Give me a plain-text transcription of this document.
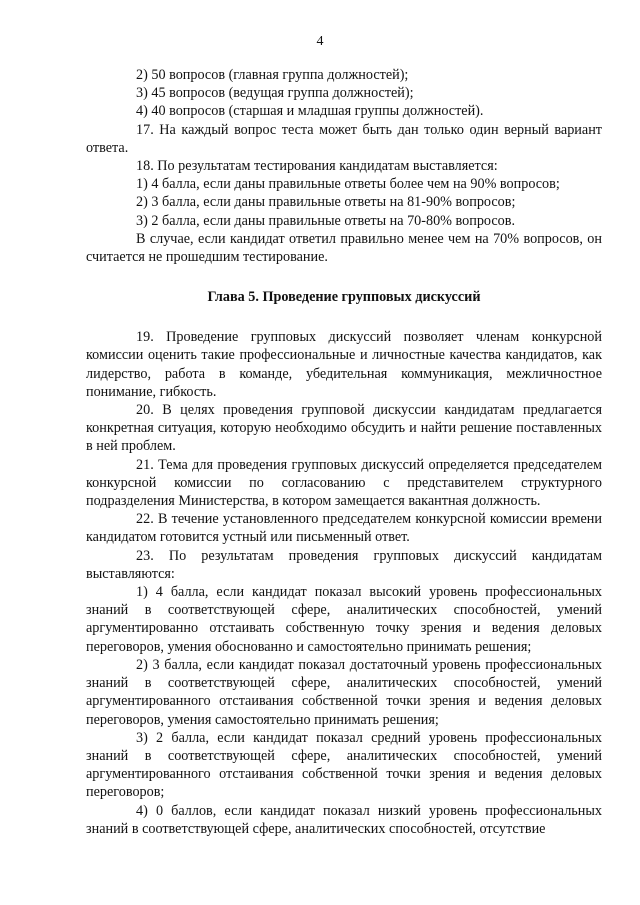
4

2) 50 вопросов (главная группа должностей);

3) 45 вопросов (ведущая группа должностей);

4) 40 вопросов (старшая и младшая группы должностей).

17. На каждый вопрос теста может быть дан только один верный вариант ответа.

18. По результатам тестирования кандидатам выставляется:

1) 4 балла, если даны правильные ответы более чем на 90% вопросов;

2) 3 балла, если даны правильные ответы на 81-90% вопросов;

3) 2 балла, если даны правильные ответы на 70-80% вопросов.

В случае, если кандидат ответил правильно менее чем на 70% вопросов, он считается не прошедшим тестирование.

Глава 5. Проведение групповых дискуссий

19. Проведение групповых дискуссий позволяет членам конкурсной комиссии оценить такие профессиональные и личностные качества кандидатов, как лидерство, работа в команде, убедительная коммуникация, межличностное понимание, гибкость.

20. В целях проведения групповой дискуссии кандидатам предлагается конкретная ситуация, которую необходимо обсудить и найти решение поставленных в ней проблем.

21. Тема для проведения групповых дискуссий определяется председателем конкурсной комиссии по согласованию с представителем структурного подразделения Министерства, в котором замещается вакантная должность.

22. В течение установленного председателем конкурсной комиссии времени кандидатом готовится устный или письменный ответ.

23. По результатам проведения групповых дискуссий кандидатам выставляются:

1) 4 балла, если кандидат показал высокий уровень профессиональных знаний в соответствующей сфере, аналитических способностей, умений аргументированно отстаивать собственную точку зрения и ведения деловых переговоров, умения обоснованно и самостоятельно принимать решения;

2) 3 балла, если кандидат показал достаточный уровень профессиональных знаний в соответствующей сфере, аналитических способностей, умений аргументированного отстаивания собственной точки зрения и ведения деловых переговоров, умения самостоятельно принимать решения;

3) 2 балла, если кандидат показал средний уровень профессиональных знаний в соответствующей сфере, аналитических способностей, умений аргументированного отстаивания собственной точки зрения и ведения деловых переговоров;

4) 0 баллов, если кандидат показал низкий уровень профессиональных знаний в соответствующей сфере, аналитических способностей, отсутствие
